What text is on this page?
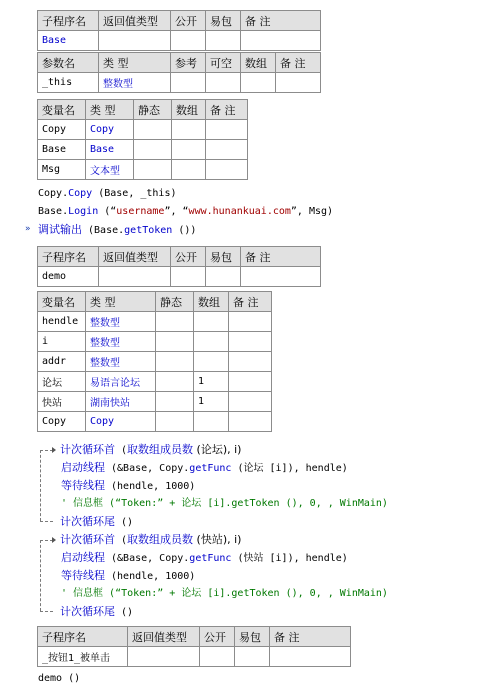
子程序名	返回值类型	公开	易包	备 注
Base				
参数名	类 型	参考	可空	数组	备 注
_this	整数型				
变量名	类 型	静态	数组	备 注
Copy	Copy			
Base	Base			
Msg	文本型			
Copy.Copy (Base, _this)
Base.Login (“username”, “www.hunankuai.com”, Msg)
» 调试输出 (Base.getToken ())
子程序名	返回值类型	公开	易包	备 注
demo				
变量名	类 型	静态	数组	备 注
hendle	整数型			
i	整数型			
addr	整数型			
论坛	易语言论坛		1	
快站	湖南快站		1	
Copy	Copy			
计次循环首 (取数组成员数 (论坛), i)
启动线程 (&Base, Copy.getFunc (论坛 [i]), hendle)
等待线程 (hendle, 1000)
' 信息框 (“Token:” + 论坛 [i].getToken (), 0, , WinMain)
计次循环尾 ()
计次循环首 (取数组成员数 (快站), i)
启动线程 (&Base, Copy.getFunc (快站 [i]), hendle)
等待线程 (hendle, 1000)
' 信息框 (“Token:” + 论坛 [i].getToken (), 0, , WinMain)
计次循环尾 ()
子程序名	返回值类型	公开	易包	备 注
_按钮1_被单击				
demo ()
